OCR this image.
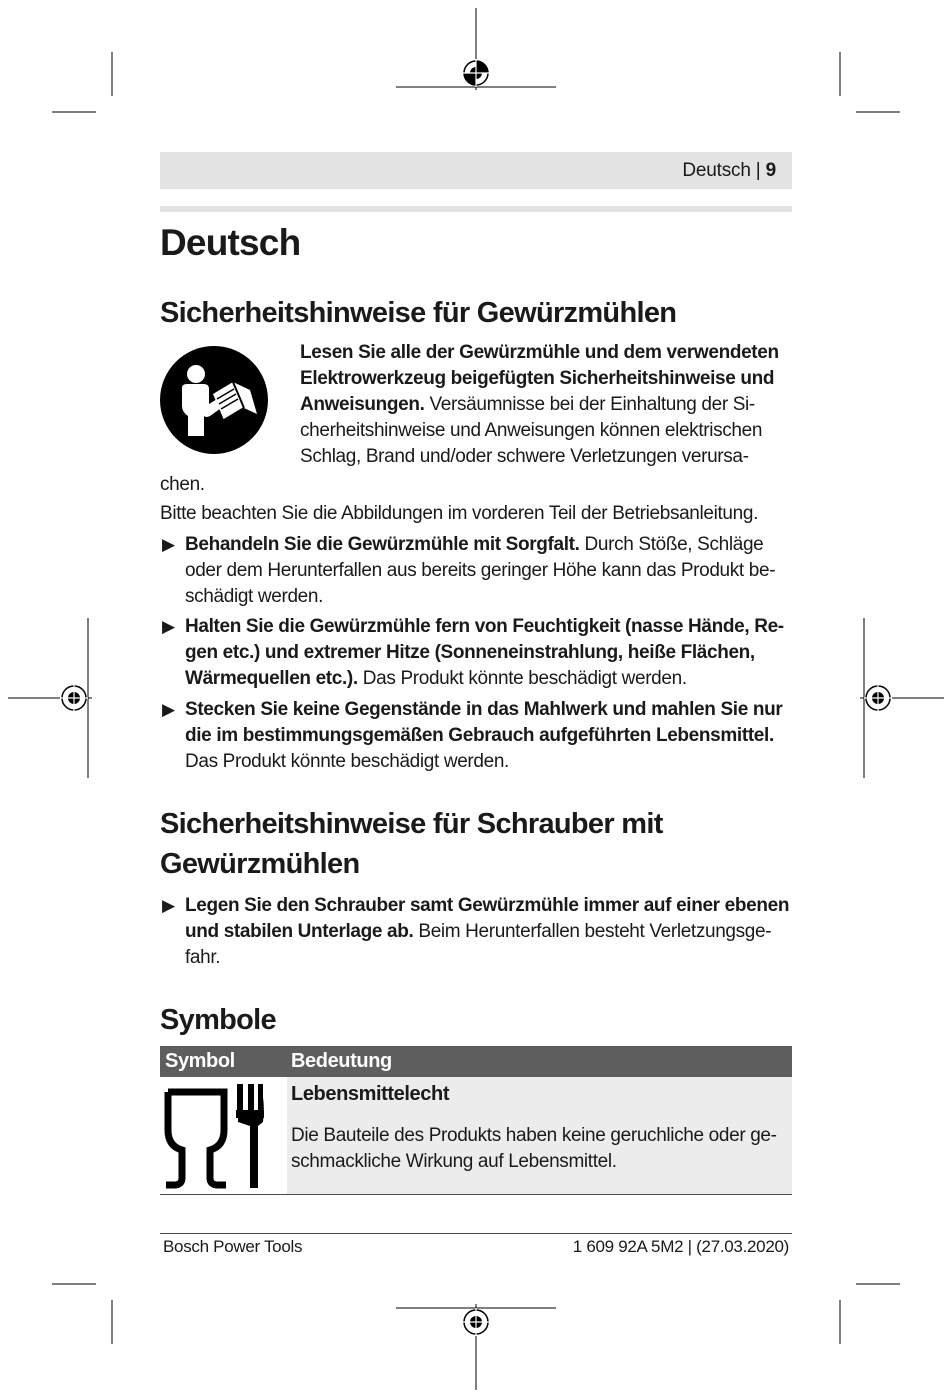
Deutsch | 9
Deutsch
Sicherheitshinweise für Gewürzmühlen
Lesen Sie alle der Gewürzmühle und dem verwendeten Elektrowerkzeug beigefügten Sicherheitshinweise und Anweisungen. Versäumnisse bei der Einhaltung der Si-cherheitshinweise und Anweisungen können elektrischen Schlag, Brand und/oder schwere Verletzungen verursa-
chen.
Bitte beachten Sie die Abbildungen im vorderen Teil der Betriebsanleitung.
▶ Behandeln Sie die Gewürzmühle mit Sorgfalt. Durch Stöße, Schläge oder dem Herunterfallen aus bereits geringer Höhe kann das Produkt be-schädigt werden.
▶ Halten Sie die Gewürzmühle fern von Feuchtigkeit (nasse Hände, Re-gen etc.) und extremer Hitze (Sonneneinstrahlung, heiße Flächen, Wärmequellen etc.). Das Produkt könnte beschädigt werden.
▶ Stecken Sie keine Gegenstände in das Mahlwerk und mahlen Sie nur die im bestimmungsgemäßen Gebrauch aufgeführten Lebensmittel. Das Produkt könnte beschädigt werden.
Sicherheitshinweise für Schrauber mit Gewürzmühlen
▶ Legen Sie den Schrauber samt Gewürzmühle immer auf einer ebenen und stabilen Unterlage ab. Beim Herunterfallen besteht Verletzungsge-fahr.
Symbole
Symbol	Bedeutung
Lebensmittelecht
Die Bauteile des Produkts haben keine geruchliche oder ge-schmackliche Wirkung auf Lebensmittel.
Bosch Power Tools	1 609 92A 5M2 | (27.03.2020)
